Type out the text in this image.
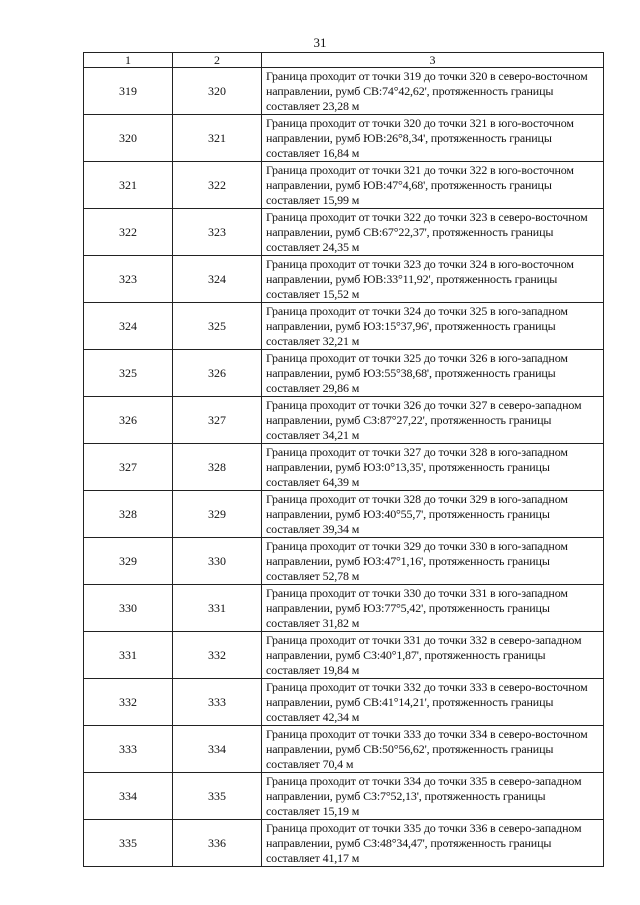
31
1	2	3
319	320	Граница проходит от точки 319 до точки 320 в северо-восточном направлении, румб СВ:74°42,62', протяженность границы составляет 23,28 м
320	321	Граница проходит от точки 320 до точки 321 в юго-восточном направлении, румб ЮВ:26°8,34', протяженность границы составляет 16,84 м
321	322	Граница проходит от точки 321 до точки 322 в юго-восточном направлении, румб ЮВ:47°4,68', протяженность границы составляет 15,99 м
322	323	Граница проходит от точки 322 до точки 323 в северо-восточном направлении, румб СВ:67°22,37', протяженность границы составляет 24,35 м
323	324	Граница проходит от точки 323 до точки 324 в юго-восточном направлении, румб ЮВ:33°11,92', протяженность границы составляет 15,52 м
324	325	Граница проходит от точки 324 до точки 325 в юго-западном направлении, румб ЮЗ:15°37,96', протяженность границы составляет 32,21 м
325	326	Граница проходит от точки 325 до точки 326 в юго-западном направлении, румб ЮЗ:55°38,68', протяженность границы составляет 29,86 м
326	327	Граница проходит от точки 326 до точки 327 в северо-западном направлении, румб СЗ:87°27,22', протяженность границы составляет 34,21 м
327	328	Граница проходит от точки 327 до точки 328 в юго-западном направлении, румб ЮЗ:0°13,35', протяженность границы составляет 64,39 м
328	329	Граница проходит от точки 328 до точки 329 в юго-западном направлении, румб ЮЗ:40°55,7', протяженность границы составляет 39,34 м
329	330	Граница проходит от точки 329 до точки 330 в юго-западном направлении, румб ЮЗ:47°1,16', протяженность границы составляет 52,78 м
330	331	Граница проходит от точки 330 до точки 331 в юго-западном направлении, румб ЮЗ:77°5,42', протяженность границы составляет 31,82 м
331	332	Граница проходит от точки 331 до точки 332 в северо-западном направлении, румб СЗ:40°1,87', протяженность границы составляет 19,84 м
332	333	Граница проходит от точки 332 до точки 333 в северо-восточном направлении, румб СВ:41°14,21', протяженность границы составляет 42,34 м
333	334	Граница проходит от точки 333 до точки 334 в северо-восточном направлении, румб СВ:50°56,62', протяженность границы составляет 70,4 м
334	335	Граница проходит от точки 334 до точки 335 в северо-западном направлении, румб СЗ:7°52,13', протяженность границы составляет 15,19 м
335	336	Граница проходит от точки 335 до точки 336 в северо-западном направлении, румб СЗ:48°34,47', протяженность границы составляет 41,17 м
